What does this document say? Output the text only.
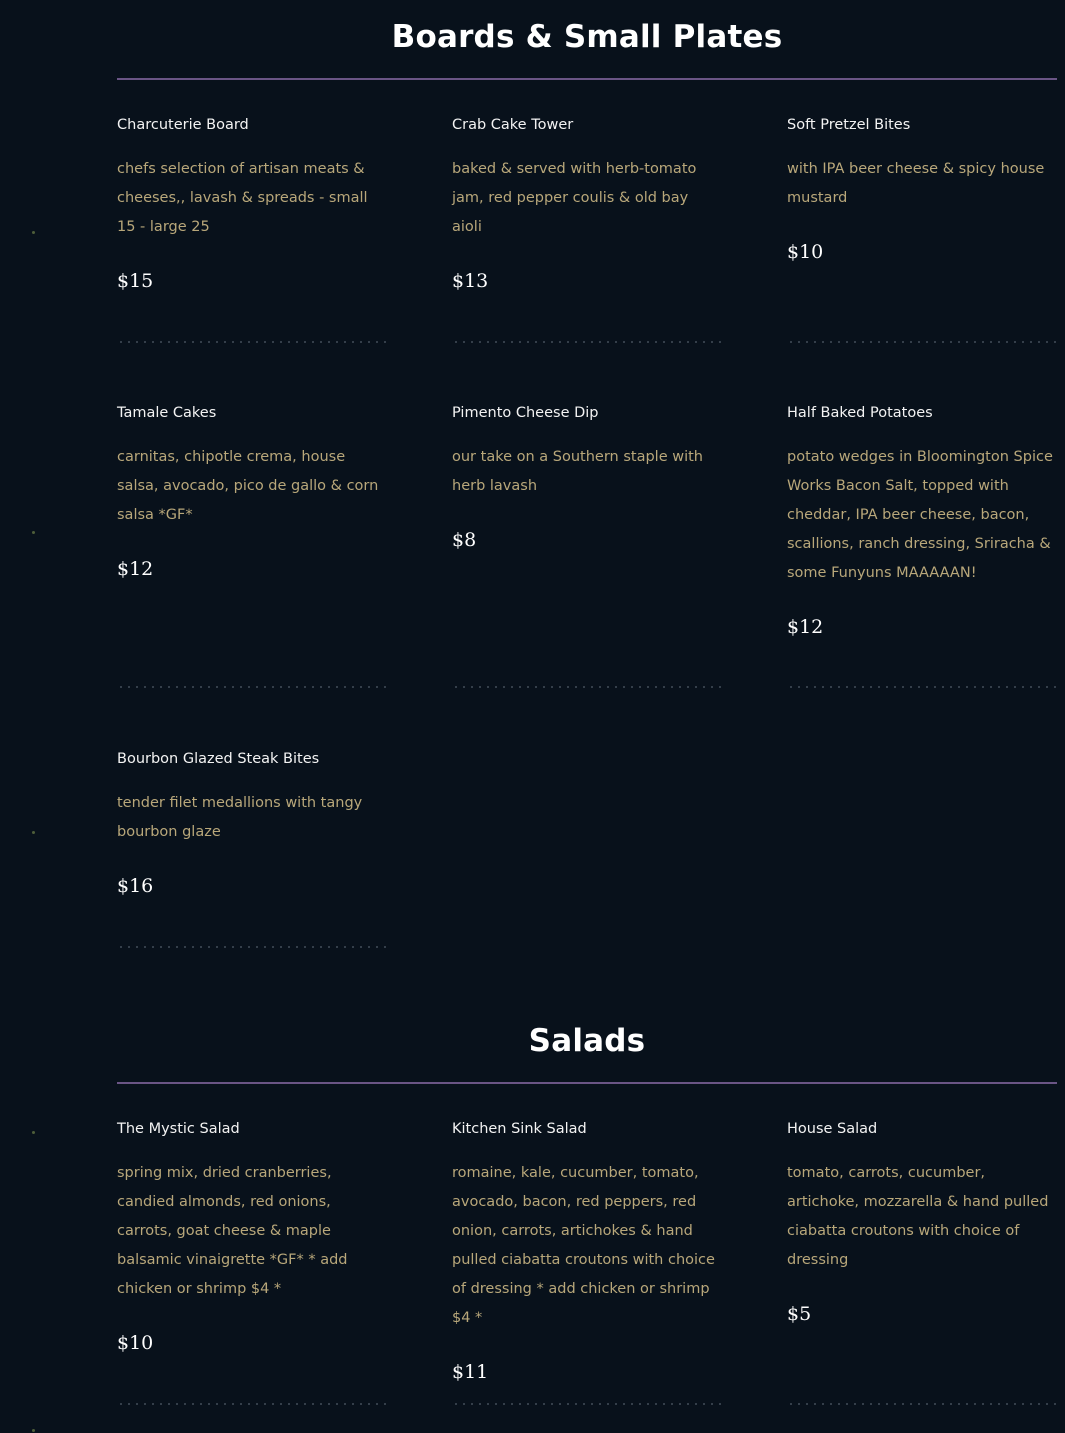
Boards & Small Plates
Charcuterie Board
chefs selection of artisan meats & cheeses,, lavash & spreads - small 15 - large 25
$15
Crab Cake Tower
baked & served with herb-tomato jam, red pepper coulis & old bay aioli
$13
Soft Pretzel Bites
with IPA beer cheese & spicy house mustard
$10
Tamale Cakes
carnitas, chipotle crema, house salsa, avocado, pico de gallo & corn salsa *GF*
$12
Pimento Cheese Dip
our take on a Southern staple with herb lavash
$8
Half Baked Potatoes
potato wedges in Bloomington Spice Works Bacon Salt, topped with cheddar, IPA beer cheese, bacon, scallions, ranch dressing, Sriracha & some Funyuns MAAAAAN!
$12
Bourbon Glazed Steak Bites
tender filet medallions with tangy bourbon glaze
$16
Salads
The Mystic Salad
spring mix, dried cranberries, candied almonds, red onions, carrots, goat cheese & maple balsamic vinaigrette *GF* * add chicken or shrimp $4 *
$10
Kitchen Sink Salad
romaine, kale, cucumber, tomato, avocado, bacon, red peppers, red onion, carrots, artichokes & hand pulled ciabatta croutons with choice of dressing * add chicken or shrimp $4 *
$11
House Salad
tomato, carrots, cucumber, artichoke, mozzarella & hand pulled ciabatta croutons with choice of dressing
$5
